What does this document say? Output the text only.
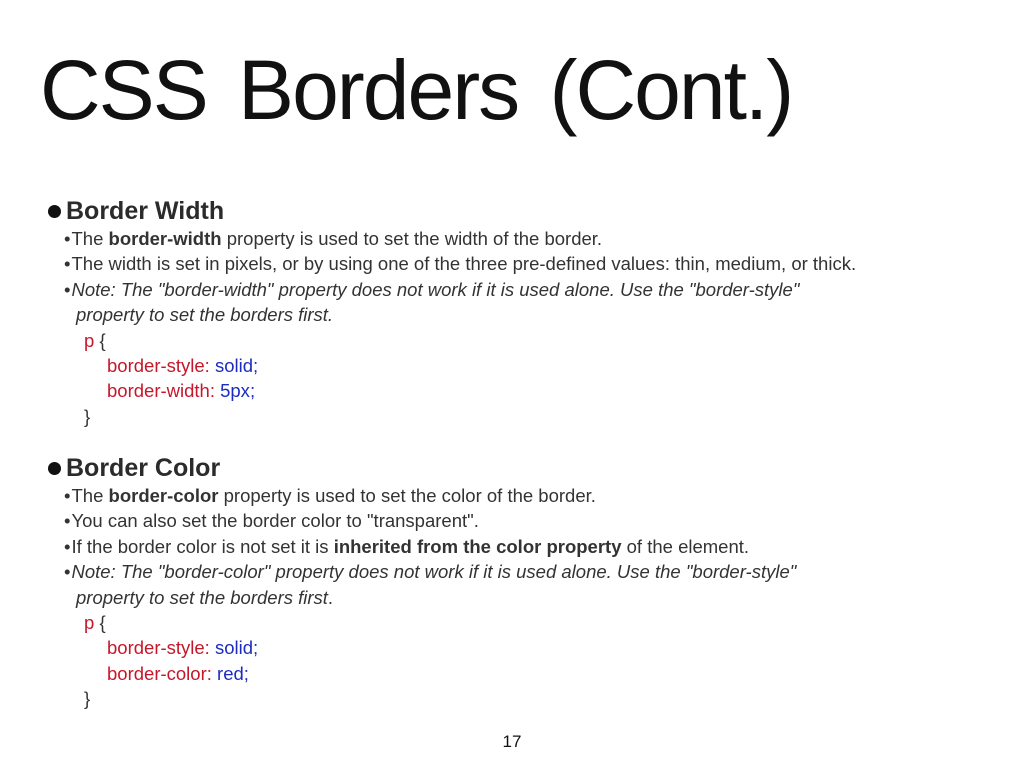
CSS Borders (Cont.)
Border Width
•The border-width property is used to set the width of the border.
•The width is set in pixels, or by using one of the three pre-defined values: thin, medium, or thick.
•Note: The "border-width" property does not work if it is used alone. Use the "border-style"
property to set the borders first.
p {
border-style: solid;
border-width: 5px;
}
Border Color
•The border-color property is used to set the color of the border.
•You can also set the border color to "transparent".
•If the border color is not set it is inherited from the color property of the element.
•Note: The "border-color" property does not work if it is used alone. Use the "border-style"
property to set the borders first.
p {
border-style: solid;
border-color: red;
}
17
